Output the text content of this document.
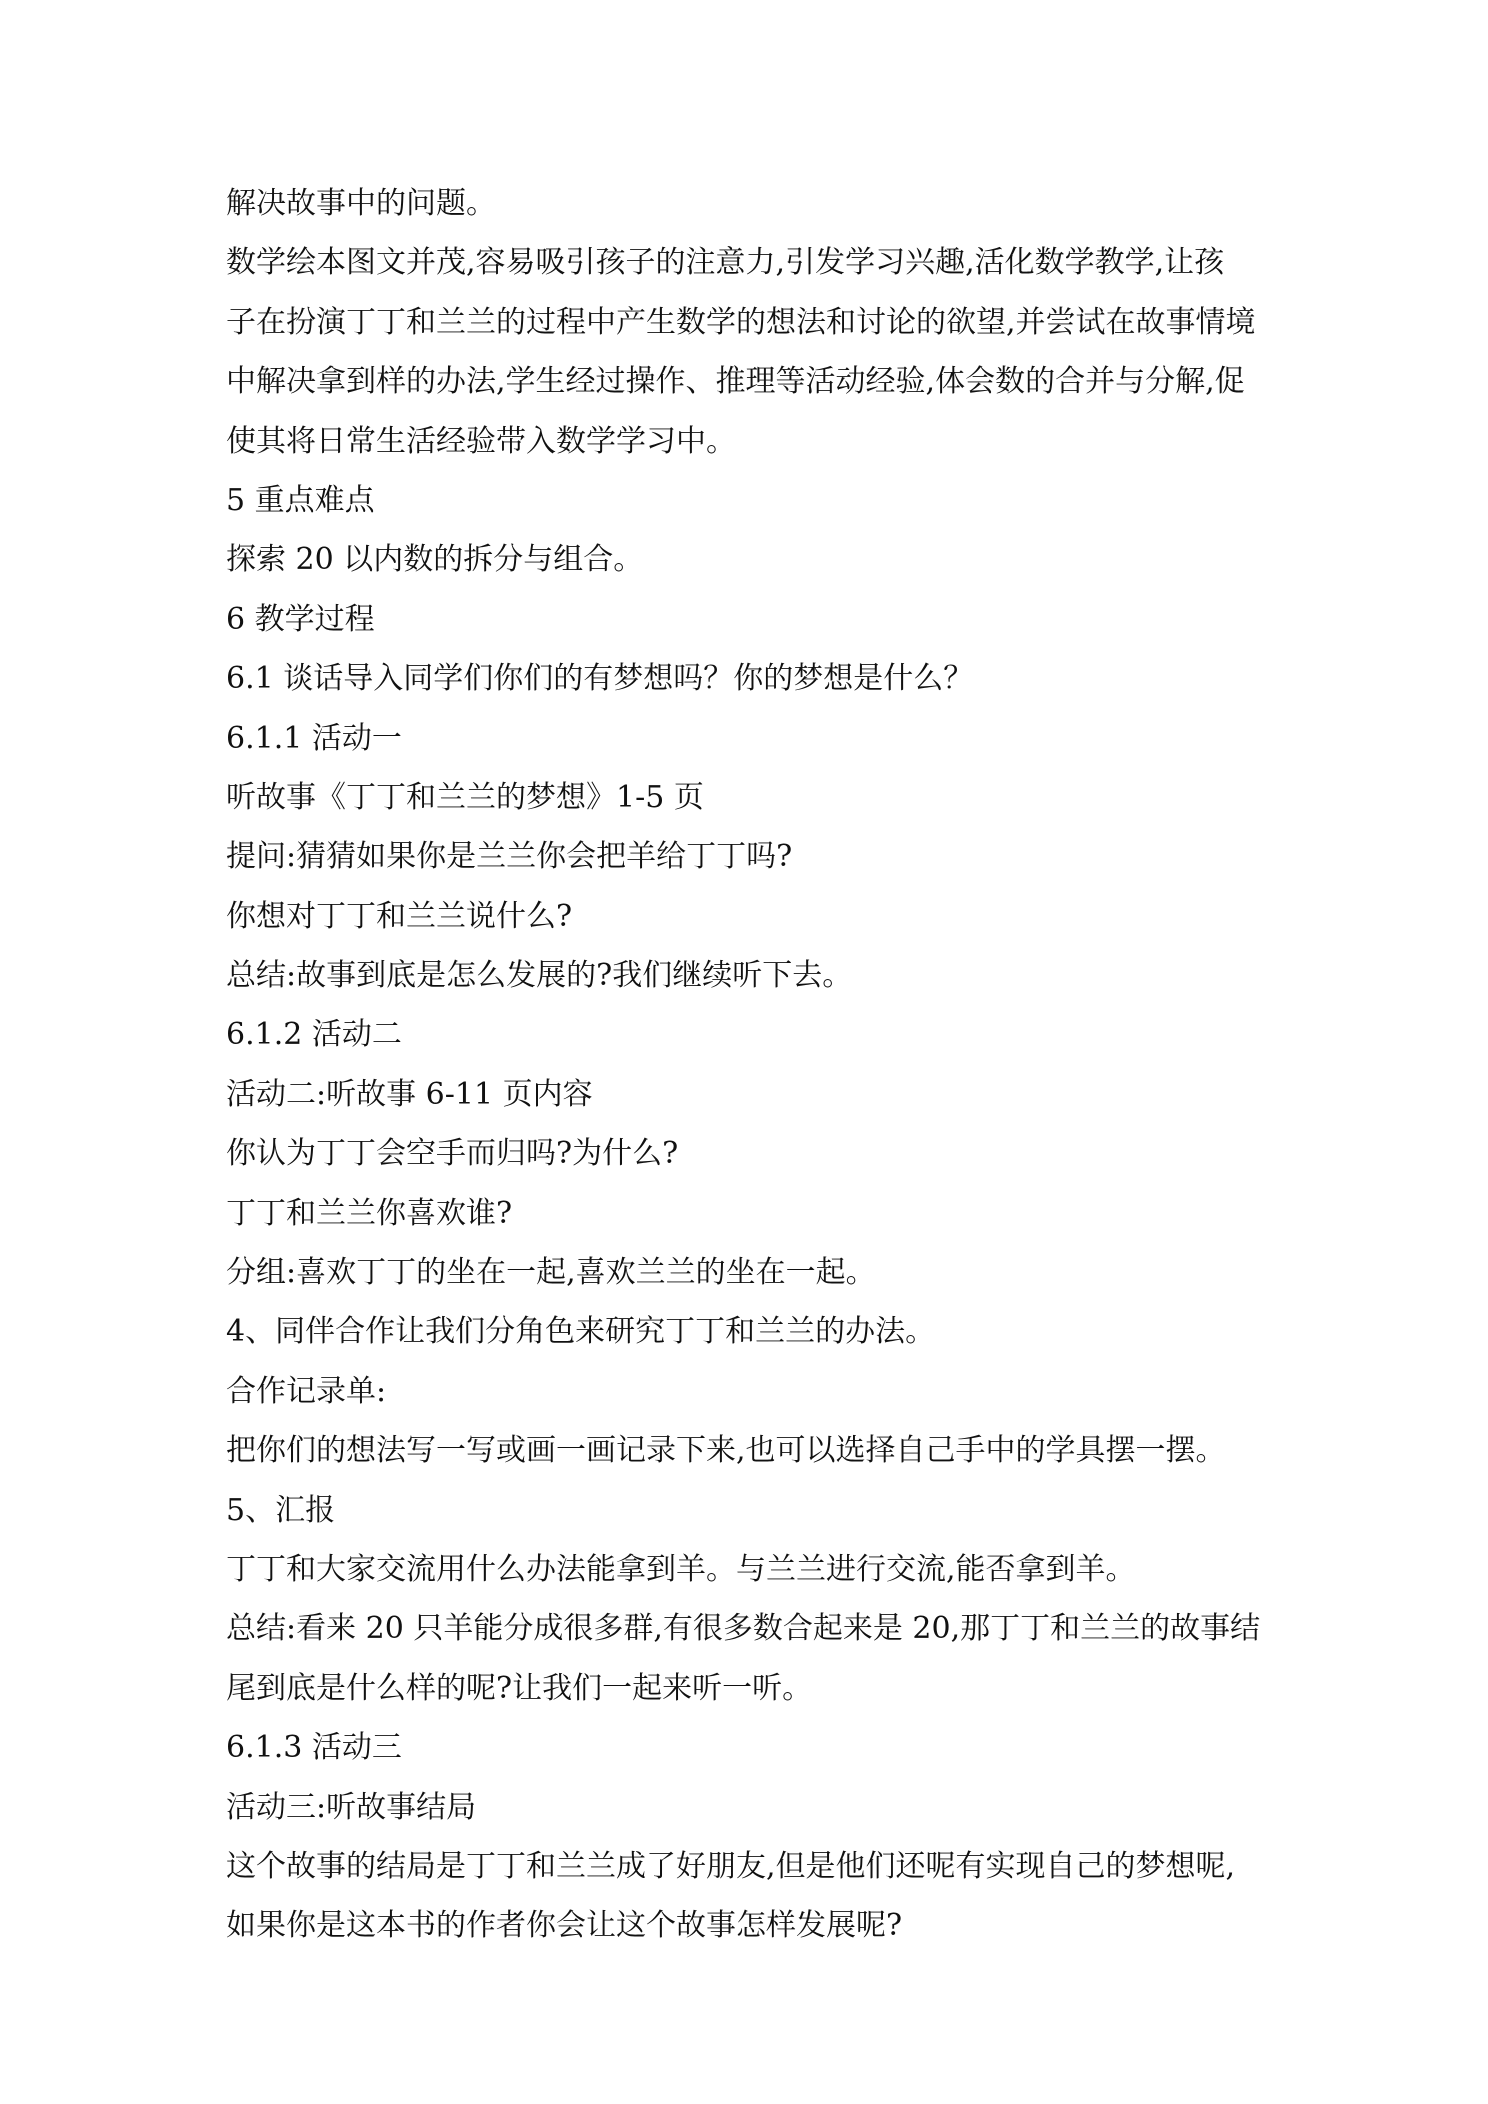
解决故事中的问题。
数学绘本图文并茂,容易吸引孩子的注意力,引发学习兴趣,活化数学教学,让孩
子在扮演丁丁和兰兰的过程中产生数学的想法和讨论的欲望,并尝试在故事情境
中解决拿到样的办法,学生经过操作、推理等活动经验,体会数的合并与分解,促
使其将日常生活经验带入数学学习中。
5 重点难点
探索 20 以内数的拆分与组合。
6 教学过程
6.1 谈话导入同学们你们的有梦想吗？你的梦想是什么？
6.1.1 活动一
听故事《丁丁和兰兰的梦想》1-5 页
提问:猜猜如果你是兰兰你会把羊给丁丁吗?
你想对丁丁和兰兰说什么?
总结:故事到底是怎么发展的?我们继续听下去。
6.1.2 活动二
活动二:听故事 6-11 页内容
你认为丁丁会空手而归吗?为什么?
丁丁和兰兰你喜欢谁?
分组:喜欢丁丁的坐在一起,喜欢兰兰的坐在一起。
4、同伴合作让我们分角色来研究丁丁和兰兰的办法。
合作记录单:
把你们的想法写一写或画一画记录下来,也可以选择自己手中的学具摆一摆。
5、汇报
丁丁和大家交流用什么办法能拿到羊。与兰兰进行交流,能否拿到羊。
总结:看来 20 只羊能分成很多群,有很多数合起来是 20,那丁丁和兰兰的故事结
尾到底是什么样的呢?让我们一起来听一听。
6.1.3 活动三
活动三:听故事结局
这个故事的结局是丁丁和兰兰成了好朋友,但是他们还呢有实现自己的梦想呢,
如果你是这本书的作者你会让这个故事怎样发展呢?
